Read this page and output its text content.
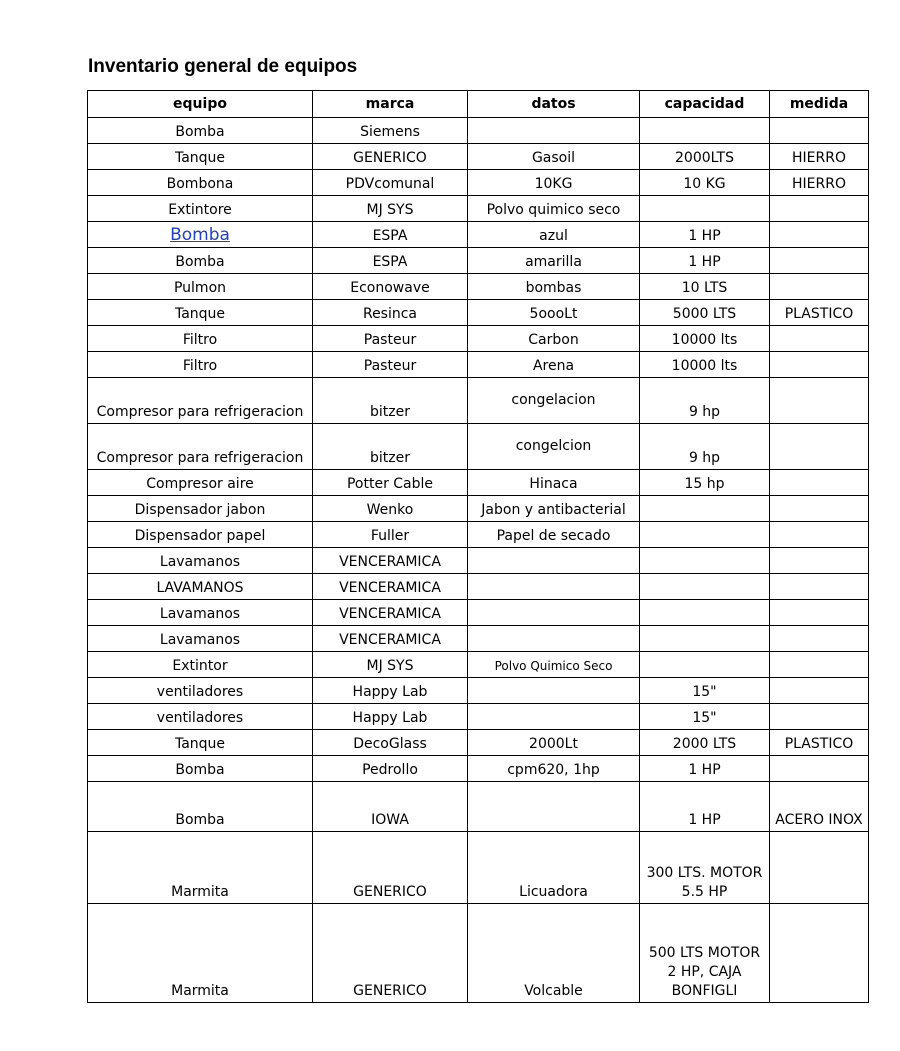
Inventario general de equipos
equipo	marca	datos	capacidad	medida
Bomba	Siemens			
Tanque	GENERICO	Gasoil	2000LTS	HIERRO
Bombona	PDVcomunal	10KG	10 KG	HIERRO
Extintore	MJ SYS	Polvo quimico seco		
Bomba	ESPA	azul	1 HP	
Bomba	ESPA	amarilla	1 HP	
Pulmon	Econowave	bombas	10 LTS	
Tanque	Resinca	5oooLt	5000 LTS	PLASTICO
Filtro	Pasteur	Carbon	10000 lts	
Filtro	Pasteur	Arena	10000 lts	
Compresor para refrigeracion	bitzer	congelacion	9 hp	
Compresor para refrigeracion	bitzer	congelcion	9 hp	
Compresor aire	Potter Cable	Hinaca	15 hp	
Dispensador jabon	Wenko	Jabon y antibacterial		
Dispensador papel	Fuller	Papel de secado		
Lavamanos	VENCERAMICA			
LAVAMANOS	VENCERAMICA			
Lavamanos	VENCERAMICA			
Lavamanos	VENCERAMICA			
Extintor	MJ SYS	Polvo Quimico Seco		
ventiladores	Happy Lab		15"	
ventiladores	Happy Lab		15"	
Tanque	DecoGlass	2000Lt	2000 LTS	PLASTICO
Bomba	Pedrollo	cpm620, 1hp	1 HP	
Bomba	IOWA		1 HP	ACERO INOX
Marmita	GENERICO	Licuadora	300 LTS. MOTOR 5.5 HP	
Marmita	GENERICO	Volcable	500 LTS MOTOR 2 HP, CAJA BONFIGLI	
